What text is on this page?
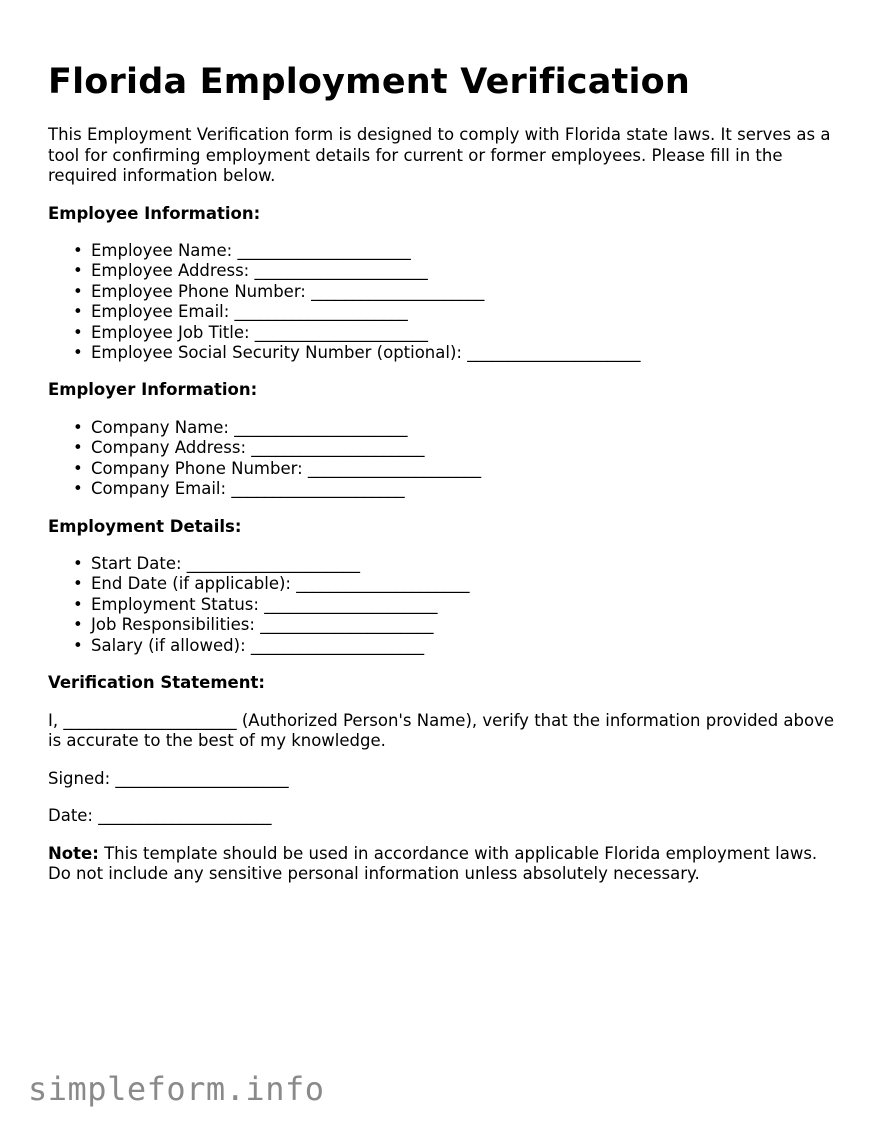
Florida Employment Verification

This Employment Verification form is designed to comply with Florida state laws. It serves as a tool for confirming employment details for current or former employees. Please fill in the required information below.

Employee Information:
• Employee Name: _____________________
• Employee Address: _____________________
• Employee Phone Number: _____________________
• Employee Email: _____________________
• Employee Job Title: _____________________
• Employee Social Security Number (optional): _____________________
Employer Information:
• Company Name: _____________________
• Company Address: _____________________
• Company Phone Number: _____________________
• Company Email: _____________________
Employment Details:
• Start Date: _____________________
• End Date (if applicable): _____________________
• Employment Status: _____________________
• Job Responsibilities: _____________________
• Salary (if allowed): _____________________
Verification Statement:

I, _____________________ (Authorized Person's Name), verify that the information provided above is accurate to the best of my knowledge.

Signed: _____________________

Date: _____________________

Note: This template should be used in accordance with applicable Florida employment laws. Do not include any sensitive personal information unless absolutely necessary.

simpleform.info
